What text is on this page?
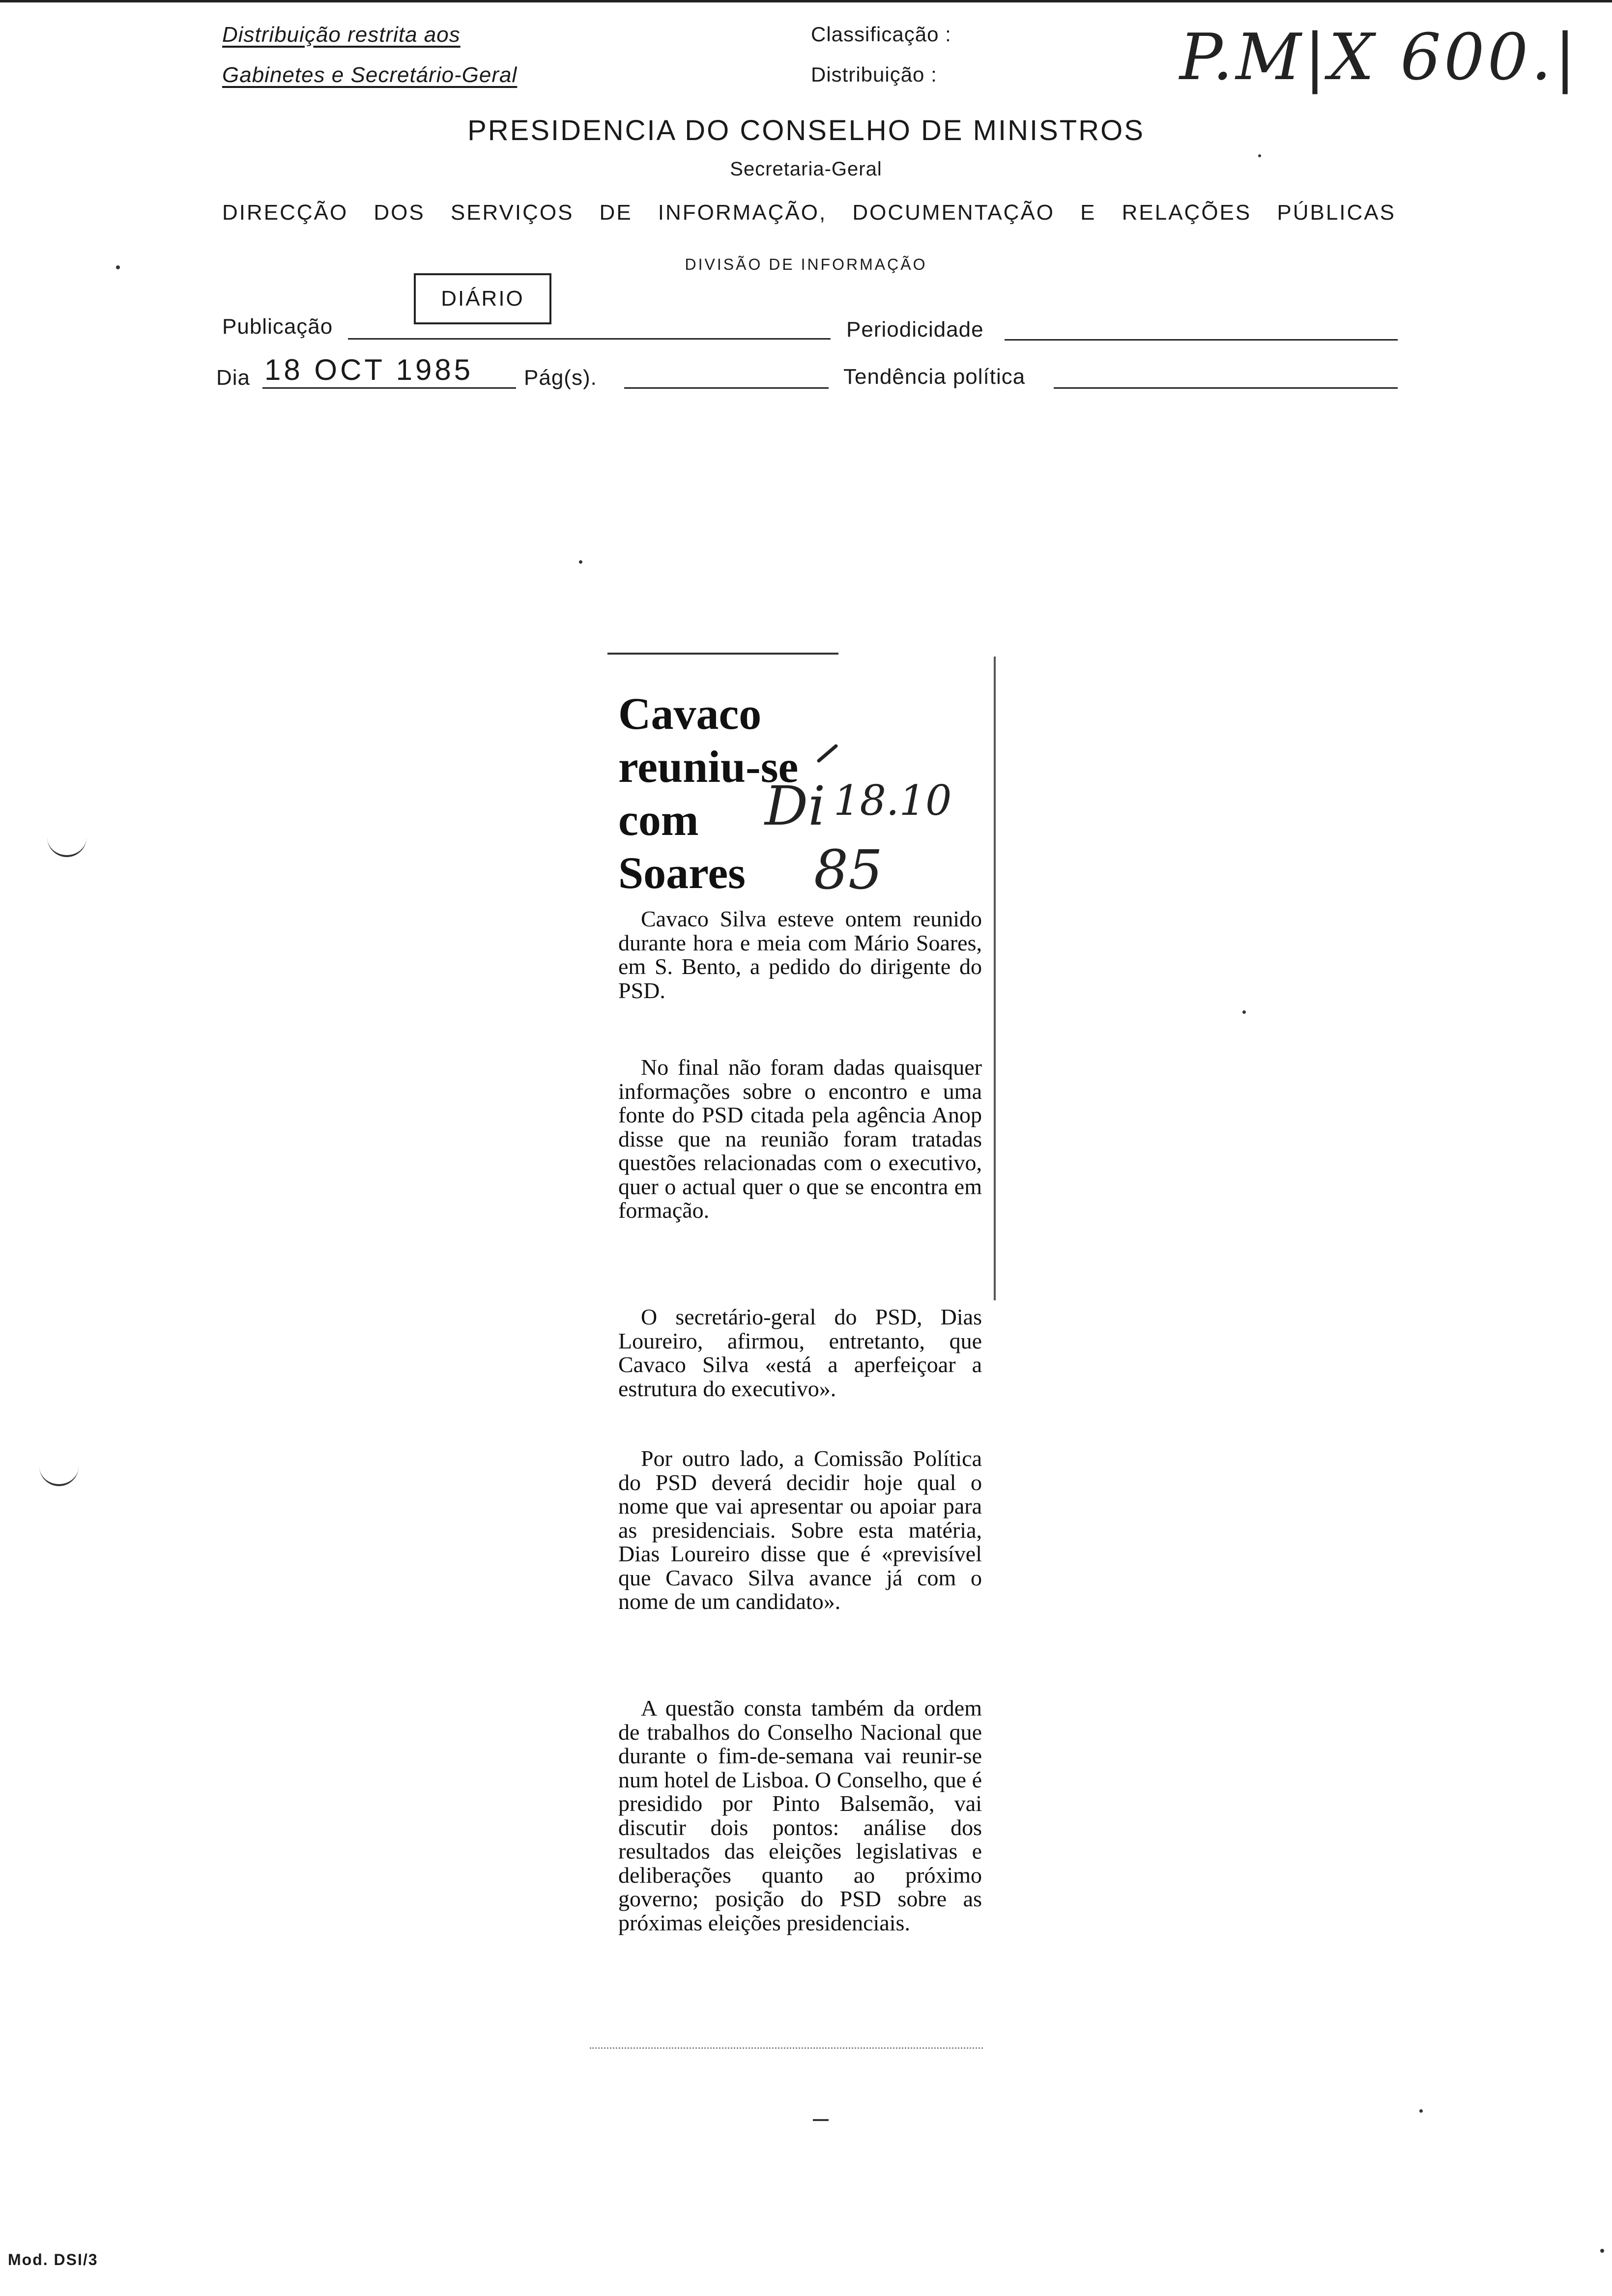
Distribuição restrita aos
Gabinetes e Secretário-Geral
Classificação :
Distribuição :	P.M|X 600.|
PRESIDENCIA DO CONSELHO DE MINISTROS
Secretaria-Geral
DIRECÇÃO DOS SERVIÇOS DE INFORMAÇÃO, DOCUMENTAÇÃO E RELAÇÕES PÚBLICAS
DIVISÃO DE INFORMAÇÃO
Publicação
DIÁRIO
Periodicidade
Dia 18 OCT 1985 Pág(s).	Tendência política
Cavaco
reuniu-se
com
Soares
Di 18.10
85
Cavaco Silva esteve ontem reunido durante hora e meia com Mário Soares, em S. Bento, a pedido do dirigente do PSD.
No final não foram dadas quaisquer informações sobre o encontro e uma fonte do PSD citada pela agência Anop disse que na reunião foram tratadas questões relacionadas com o executivo, quer o actual quer o que se encontra em formação.
O secretário-geral do PSD, Dias Loureiro, afirmou, entretanto, que Cavaco Silva «está a aperfeiçoar a estrutura do executivo».
Por outro lado, a Comissão Política do PSD deverá decidir hoje qual o nome que vai apresentar ou apoiar para as presidenciais. Sobre esta matéria, Dias Loureiro disse que é «previsível que Cavaco Silva avance já com o nome de um candidato».
A questão consta também da ordem de trabalhos do Conselho Nacional que durante o fim-de-semana vai reunir-se num hotel de Lisboa. O Conselho, que é presidido por Pinto Balsemão, vai discutir dois pontos: análise dos resultados das eleições legislativas e deliberações quanto ao próximo governo; posição do PSD sobre as próximas eleições presidenciais.
Mod. DSI/3
